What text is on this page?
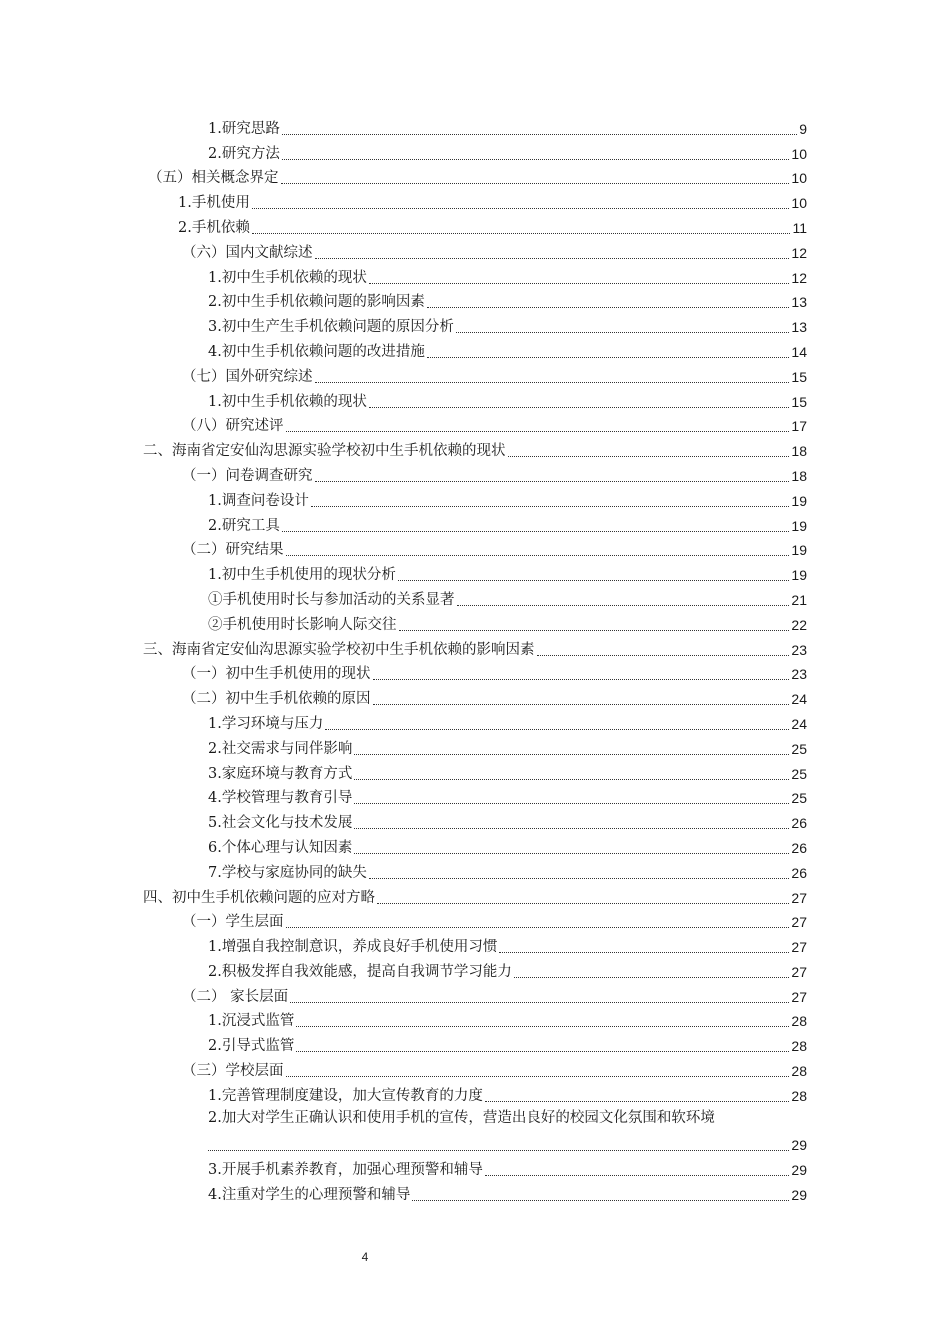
1.研究思路	9
2.研究方法	10
（五）相关概念界定	10
1.手机使用	10
2.手机依赖	11
（六）国内文献综述	12
1.初中生手机依赖的现状	12
2.初中生手机依赖问题的影响因素	13
3.初中生产生手机依赖问题的原因分析	13
4.初中生手机依赖问题的改进措施	14
（七）国外研究综述	15
1.初中生手机依赖的现状	15
（八）研究述评	17
二、海南省定安仙沟思源实验学校初中生手机依赖的现状	18
（一）问卷调查研究	18
1.调查问卷设计	19
2.研究工具	19
（二）研究结果	19
1.初中生手机使用的现状分析	19
①手机使用时长与参加活动的关系显著	21
②手机使用时长影响人际交往	22
三、海南省定安仙沟思源实验学校初中生手机依赖的影响因素	23
（一）初中生手机使用的现状	23
（二）初中生手机依赖的原因	24
1.学习环境与压力	24
2.社交需求与同伴影响	25
3.家庭环境与教育方式	25
4.学校管理与教育引导	25
5.社会文化与技术发展	26
6.个体心理与认知因素	26
7.学校与家庭协同的缺失	26
四、初中生手机依赖问题的应对方略	27
（一）学生层面	27
1.增强自我控制意识，养成良好手机使用习惯	27
2.积极发挥自我效能感，提高自我调节学习能力	27
（二） 家长层面	27
1.沉浸式监管	28
2.引导式监管	28
（三）学校层面	28
1.完善管理制度建设，加大宣传教育的力度	28
2.加大对学生正确认识和使用手机的宣传，营造出良好的校园文化氛围和软环境
29
3.开展手机素养教育，加强心理预警和辅导	29
4.注重对学生的心理预警和辅导	29
4
